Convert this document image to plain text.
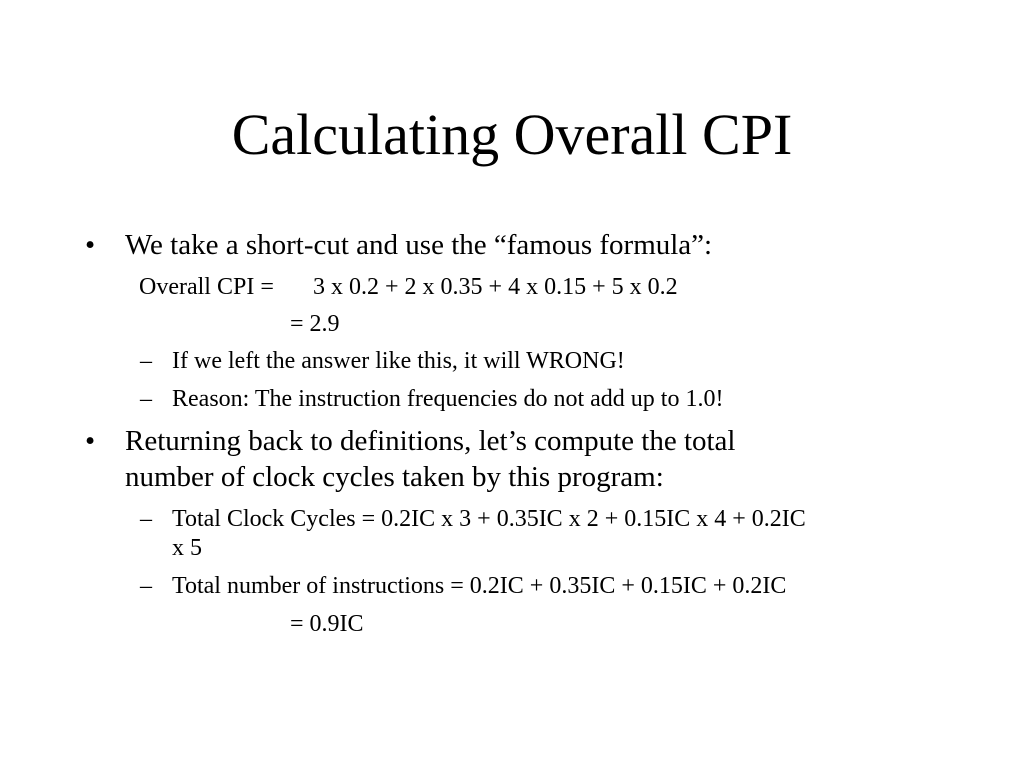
Calculating Overall CPI
• We take a short-cut and use the “famous formula”:
Overall CPI = 3 x 0.2 + 2 x 0.35 + 4 x 0.15 + 5 x 0.2
= 2.9
– If we left the answer like this, it will WRONG!
– Reason: The instruction frequencies do not add up to 1.0!
• Returning back to definitions, let’s compute the total
number of clock cycles taken by this program:
– Total Clock Cycles = 0.2IC x 3 + 0.35IC x 2 + 0.15IC x 4 + 0.2IC
x 5
– Total number of instructions = 0.2IC + 0.35IC + 0.15IC + 0.2IC
= 0.9IC
